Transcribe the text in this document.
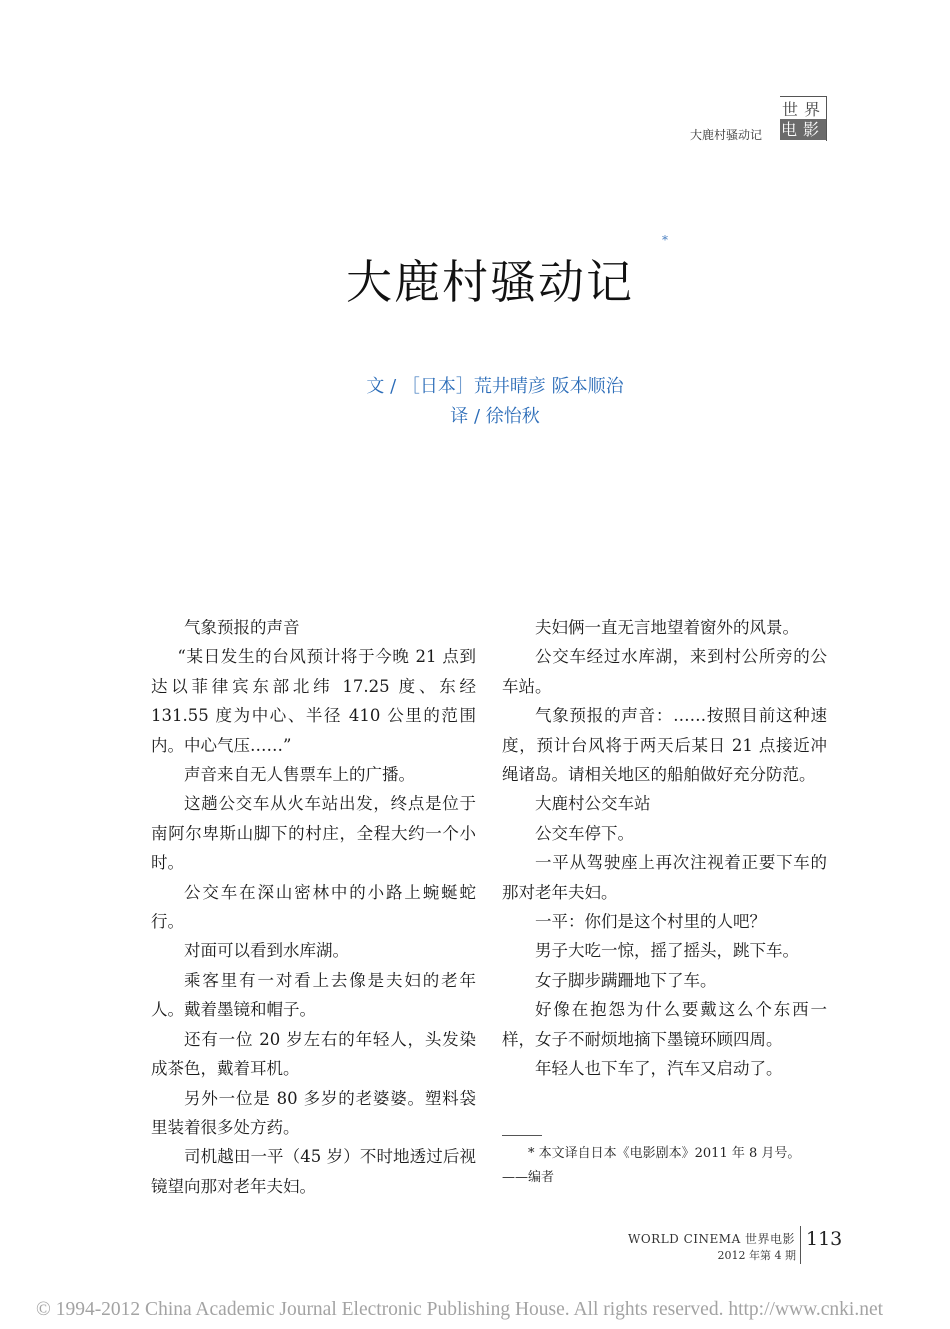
大鹿村骚动记
世界
电影
大鹿村骚动记
*
文 / ［日本］荒井晴彦 阪本顺治
译 / 徐怡秋

气象预报的声音

“某日发生的台风预计将于今晚 21 点到达以菲律宾东部北纬 17.25 度、东经 131.55 度为中心、半径 410 公里的范围内。中心气压……”

声音来自无人售票车上的广播。

这趟公交车从火车站出发，终点是位于南阿尔卑斯山脚下的村庄，全程大约一个小时。

公交车在深山密林中的小路上蜿蜒蛇行。

对面可以看到水库湖。

乘客里有一对看上去像是夫妇的老年人。戴着墨镜和帽子。

还有一位 20 岁左右的年轻人，头发染成茶色，戴着耳机。

另外一位是 80 多岁的老婆婆。塑料袋里装着很多处方药。

司机越田一平（45 岁）不时地透过后视镜望向那对老年夫妇。

夫妇俩一直无言地望着窗外的风景。

公交车经过水库湖，来到村公所旁的公车站。

气象预报的声音：……按照目前这种速度，预计台风将于两天后某日 21 点接近冲绳诸岛。请相关地区的船舶做好充分防范。

大鹿村公交车站

公交车停下。

一平从驾驶座上再次注视着正要下车的那对老年夫妇。

一平：你们是这个村里的人吧？

男子大吃一惊，摇了摇头，跳下车。

女子脚步蹒跚地下了车。

好像在抱怨为什么要戴这么个东西一样，女子不耐烦地摘下墨镜环顾四周。

年轻人也下车了，汽车又启动了。

* 本文译自日本《电影剧本》2011 年 8 月号。

——编者

WORLD CINEMA 世界电影
2012 年第 4 期
113
© 1994-2012 China Academic Journal Electronic Publishing House. All rights reserved. http://www.cnki.net
